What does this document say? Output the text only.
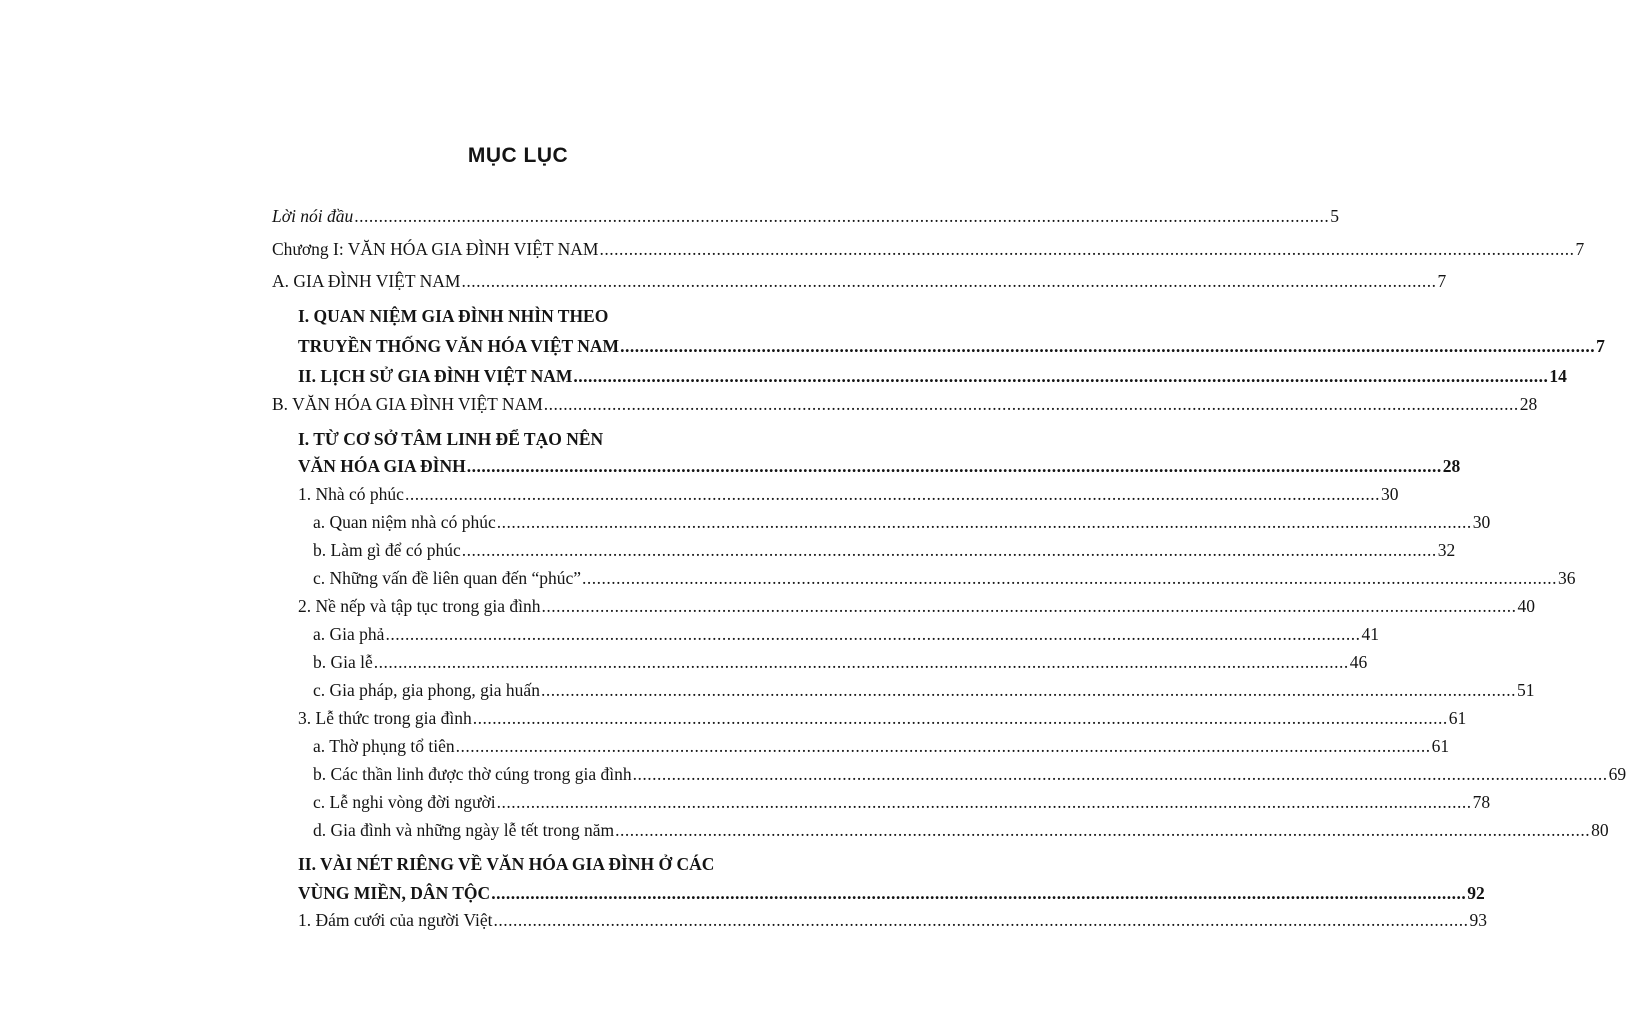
MỤC LỤC
Lời nói đầu ........................................................................................................................................................................................................ 5
Chương I: VĂN HÓA GIA ĐÌNH VIỆT NAM ........................................................................................................................................................................................................ 7
A. GIA ĐÌNH VIỆT NAM ........................................................................................................................................................................................................ 7
I. QUAN NIỆM GIA ĐÌNH NHÌN THEO
TRUYỀN THỐNG VĂN HÓA VIỆT NAM ........................................................................................................................................................................................................ 7
II. LỊCH SỬ GIA ĐÌNH VIỆT NAM ........................................................................................................................................................................................................ 14
B. VĂN HÓA GIA ĐÌNH VIỆT NAM ........................................................................................................................................................................................................ 28
I. TỪ CƠ SỞ TÂM LINH ĐỂ TẠO NÊN
VĂN HÓA GIA ĐÌNH ........................................................................................................................................................................................................ 28
1. Nhà có phúc ........................................................................................................................................................................................................ 30
a. Quan niệm nhà có phúc ........................................................................................................................................................................................................ 30
b. Làm gì để có phúc ........................................................................................................................................................................................................ 32
c. Những vấn đề liên quan đến “phúc” ........................................................................................................................................................................................................ 36
2. Nề nếp và tập tục trong gia đình ........................................................................................................................................................................................................ 40
a. Gia phả ........................................................................................................................................................................................................ 41
b. Gia lễ ........................................................................................................................................................................................................ 46
c. Gia pháp, gia phong, gia huấn ........................................................................................................................................................................................................ 51
3. Lễ thức trong gia đình ........................................................................................................................................................................................................ 61
a. Thờ phụng tổ tiên ........................................................................................................................................................................................................ 61
b. Các thần linh được thờ cúng trong gia đình ........................................................................................................................................................................................................ 69
c. Lễ nghi vòng đời người ........................................................................................................................................................................................................ 78
d. Gia đình và những ngày lễ tết trong năm ........................................................................................................................................................................................................ 80
II. VÀI NÉT RIÊNG VỀ VĂN HÓA GIA ĐÌNH Ở CÁC
VÙNG MIỀN, DÂN TỘC ........................................................................................................................................................................................................ 92
1. Đám cưới của người Việt ........................................................................................................................................................................................................ 93
